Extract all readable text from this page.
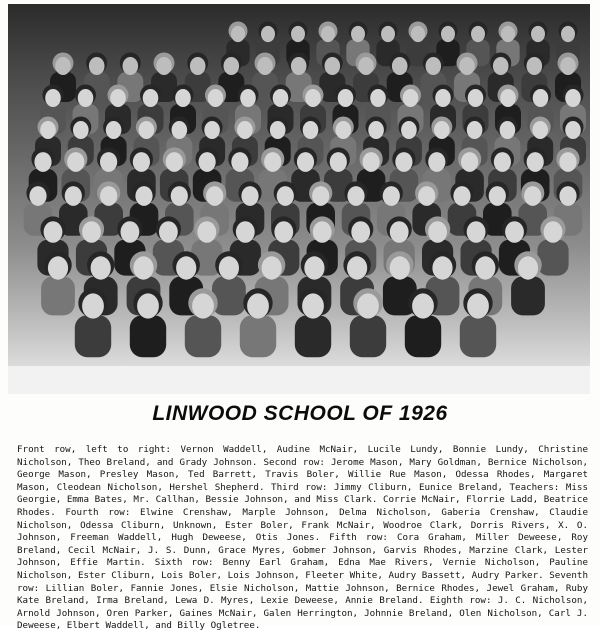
LINWOOD SCHOOL OF 1926
Front row, left to right: Vernon Waddell, Audine McNair, Lucile Lundy, Bonnie Lundy, Christine Nicholson, Theo Breland, and Grady Johnson. Second row: Jerome Mason, Mary Goldman, Bernice Nicholson, George Mason, Presley Mason, Ted Barrett, Travis Boler, Willie Rue Mason, Odessa Rhodes, Margaret Mason, Cleodean Nicholson, Hershel Shepherd. Third row: Jimmy Cliburn, Eunice Breland, Teachers: Miss Georgie, Emma Bates, Mr. Callhan, Bessie Johnson, and Miss Clark. Corrie McNair, Florrie Ladd, Beatrice Rhodes. Fourth row: Elwine Crenshaw, Marple Johnson, Delma Nicholson, Gaberia Crenshaw, Claudie Nicholson, Odessa Cliburn, Unknown, Ester Boler, Frank McNair, Woodroe Clark, Dorris Rivers, X. O. Johnson, Freeman Waddell, Hugh Deweese, Otis Jones. Fifth row: Cora Graham, Miller Deweese, Roy Breland, Cecil McNair, J. S. Dunn, Grace Myres, Gobmer Johnson, Garvis Rhodes, Marzine Clark, Lester Johnson, Effie Martin. Sixth row: Benny Earl Graham, Edna Mae Rivers, Vernie Nicholson, Pauline Nicholson, Ester Cliburn, Lois Boler, Lois Johnson, Fleeter White, Audry Bassett, Audry Parker. Seventh row: Lillian Boler, Fannie Jones, Elsie Nicholson, Mattie Johnson, Bernice Rhodes, Jewel Graham, Ruby Kate Breland, Irma Breland, Lewa D. Myres, Lexie Deweese, Annie Breland. Eighth row: J. C. Nicholson, Arnold Johnson, Oren Parker, Gaines McNair, Galen Herrington, Johnnie Breland, Olen Nicholson, Carl J. Deweese, Elbert Waddell, and Billy Ogletree.
